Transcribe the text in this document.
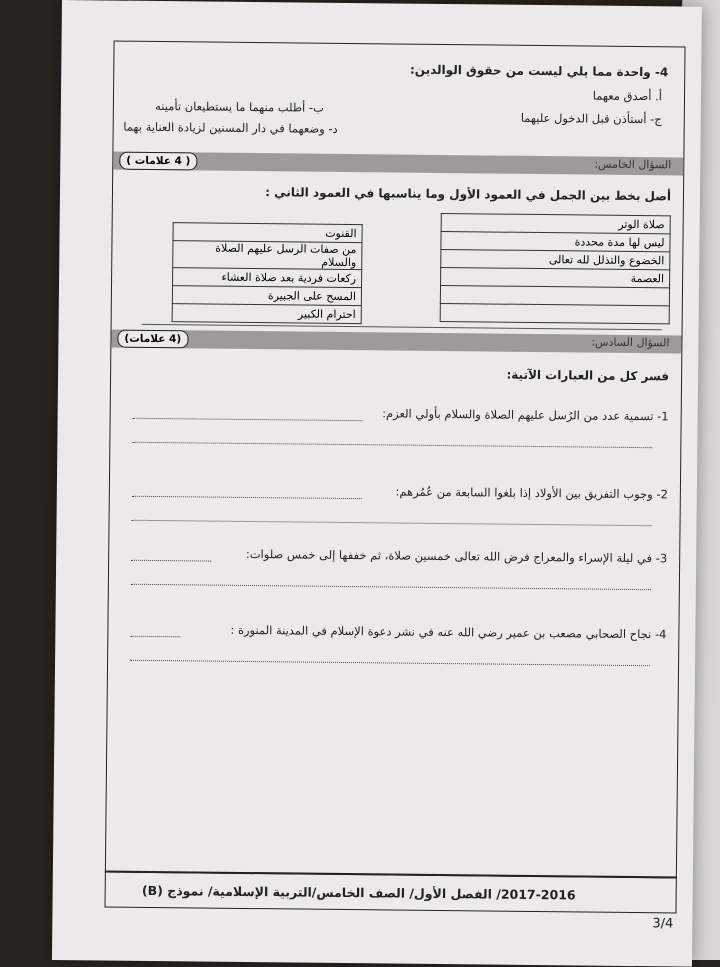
4- واحدة مما يلي ليست من حقوق الوالدين:
أ. أصدق معهما
ج- أستأذن قبل الدخول عليهما
ب- أطلب منهما ما يستطيعان تأمينه
د- وضعهما في دار المسنين لزيادة العناية بهما
السؤال الخامس:
( 4 علامات )
أصل بخط بين الجمل في العمود الأول وما يناسبها في العمود الثاني :
صلاة الوتر
ليس لها مدة محددة
الخضوع والتذلل لله تعالى
العصمة

القنوت
من صفات الرسل عليهم الصلاة والسلام
ركعات فردية بعد صلاة العشاء
المسح على الجبيرة
احترام الكبير
السؤال السادس:
(4 علامات)
فسر كل من العبارات الآتية:
1- تسمية عدد من الرُسل عليهم الصلاة والسلام بأولي العزم:
2- وجوب التفريق بين الأولاد إذا بلغوا السابعة من عُمُرهم:
3- في ليلة الإسراء والمعراج فرض الله تعالى خمسين صلاة، ثم خففها إلى خمس صلوات:
4- نجاح الصحابي مصعب بن عمير رضي الله عنه في نشر دعوة الإسلام في المدينة المنورة :
2017-2016/ الفصل الأول/ الصف الخامس/التربية الإسلامية/ نموذج (B)
3/4
